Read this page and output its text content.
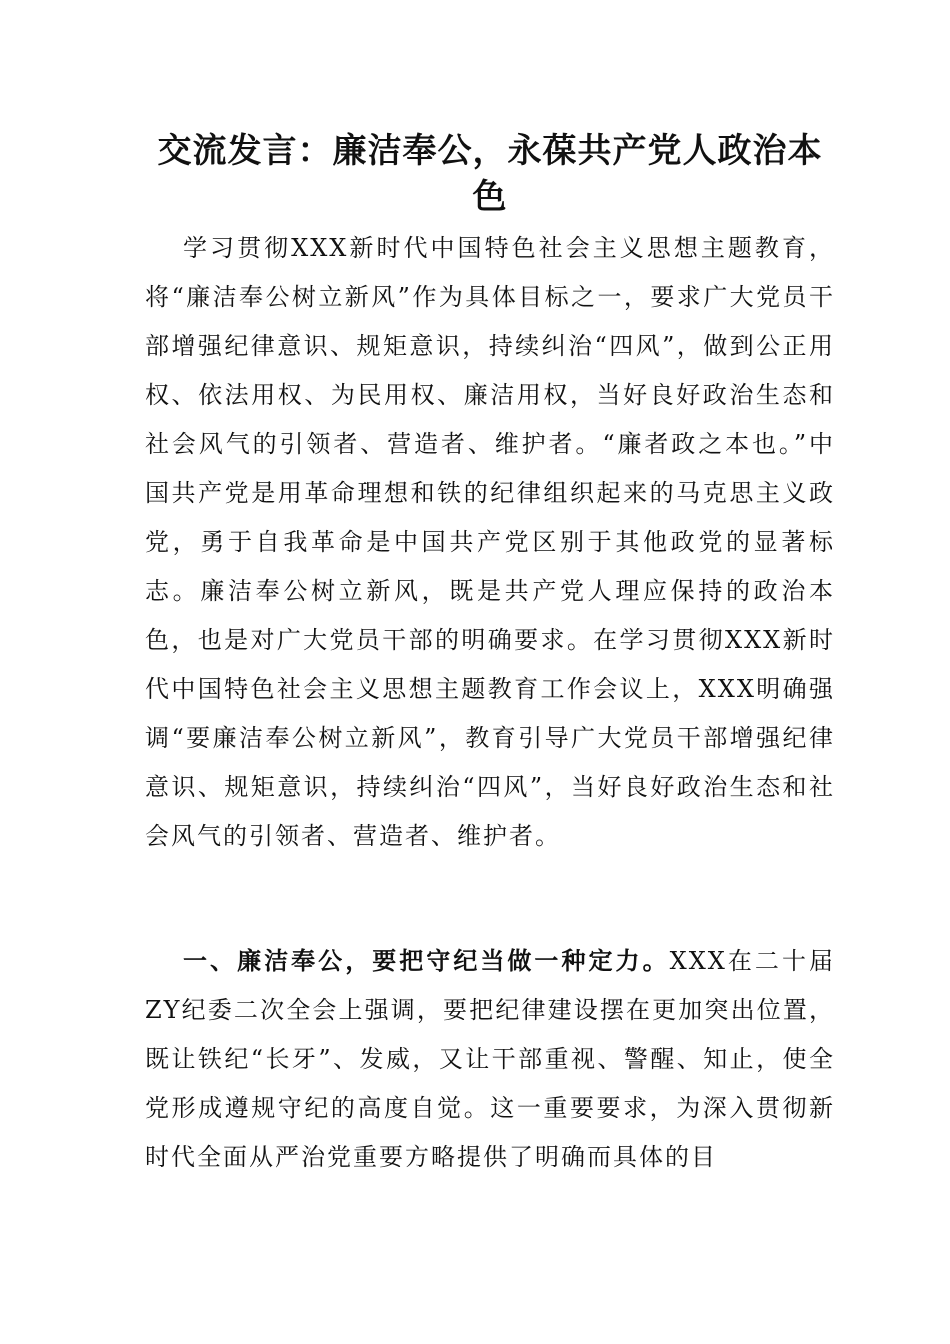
交流发言：廉洁奉公，永葆共产党人政治本色

学习贯彻XXX新时代中国特色社会主义思想主题教育，将“廉洁奉公树立新风”作为具体目标之一，要求广大党员干部增强纪律意识、规矩意识，持续纠治“四风”，做到公正用权、依法用权、为民用权、廉洁用权，当好良好政治生态和社会风气的引领者、营造者、维护者。“廉者政之本也。”中国共产党是用革命理想和铁的纪律组织起来的马克思主义政党，勇于自我革命是中国共产党区别于其他政党的显著标志。廉洁奉公树立新风，既是共产党人理应保持的政治本色，也是对广大党员干部的明确要求。在学习贯彻XXX新时代中国特色社会主义思想主题教育工作会议上，XXX明确强调“要廉洁奉公树立新风”，教育引导广大党员干部增强纪律意识、规矩意识，持续纠治“四风”，当好良好政治生态和社会风气的引领者、营造者、维护者。

一、廉洁奉公，要把守纪当做一种定力。XXX在二十届ZY纪委二次全会上强调，要把纪律建设摆在更加突出位置，既让铁纪“长牙”、发威，又让干部重视、警醒、知止，使全党形成遵规守纪的高度自觉。这一重要要求，为深入贯彻新时代全面从严治党重要方略提供了明确而具体的目
